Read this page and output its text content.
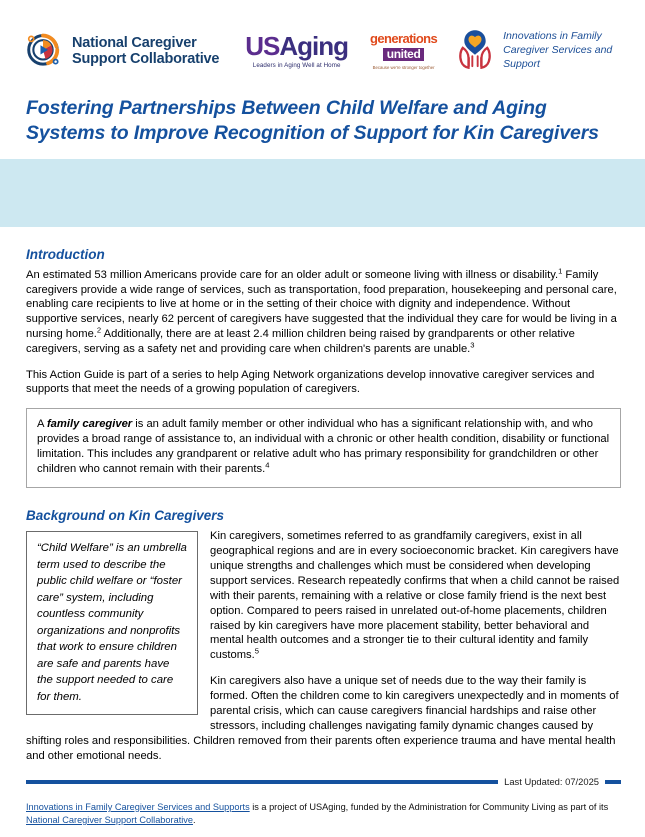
National Caregiver
Support Collaborative USAging
Leaders in Aging Well at Home
generations
united
Because we're stronger together
Innovations in Family
Caregiver Services and
Support
Fostering Partnerships Between Child Welfare and Aging Systems to Improve Recognition of Support for Kin Caregivers
Introduction

An estimated 53 million Americans provide care for an older adult or someone living with illness or disability.$^1$ Family caregivers provide a wide range of services, such as transportation, food preparation, housekeeping and personal care, enabling care recipients to live at home or in the setting of their choice with dignity and independence. Without supportive services, nearly 62 percent of caregivers have suggested that the individual they care for would be living in a nursing home.$^2$ Additionally, there are at least 2.4 million children being raised by grandparents or other relative caregivers, serving as a safety net and providing care when children's parents are unable.$^3$

This Action Guide is part of a series to help Aging Network organizations develop innovative caregiver services and supports that meet the needs of a growing population of caregivers.

A family caregiver is an adult family member or other individual who has a significant relationship with, and who provides a broad range of assistance to, an individual with a chronic or other health condition, disability or functional limitation. This includes any grandparent or relative adult who has primary responsibility for grandchildren or other children who cannot remain with their parents.$^4$

Background on Kin Caregivers

“Child Welfare” is an umbrella term used to describe the public child welfare or “foster care” system, including countless community organizations and nonprofits that work to ensure children are safe and parents have the support needed to care for them.

Kin caregivers, sometimes referred to as grandfamily caregivers, exist in all geographical regions and are in every socioeconomic bracket. Kin caregivers have unique strengths and challenges which must be considered when developing support services. Research repeatedly confirms that when a child cannot be raised with their parents, remaining with a relative or close family friend is the next best option. Compared to peers raised in unrelated out-of-home placements, children raised by kin caregivers have more placement stability, better behavioral and mental health outcomes and a stronger tie to their cultural identity and family customs.$^5$

Kin caregivers also have a unique set of needs due to the way their family is formed. Often the children come to kin caregivers unexpectedly and in moments of parental crisis, which can cause caregivers financial hardships and raise other stressors, including challenges navigating family dynamic changes caused by shifting roles and responsibilities. Children removed from their parents often experience trauma and have mental health and other emotional needs.

Last Updated: 07/2025
Innovations in Family Caregiver Services and Supports is a project of USAging, funded by the Administration for Community Living as part of its National Caregiver Support Collaborative.
